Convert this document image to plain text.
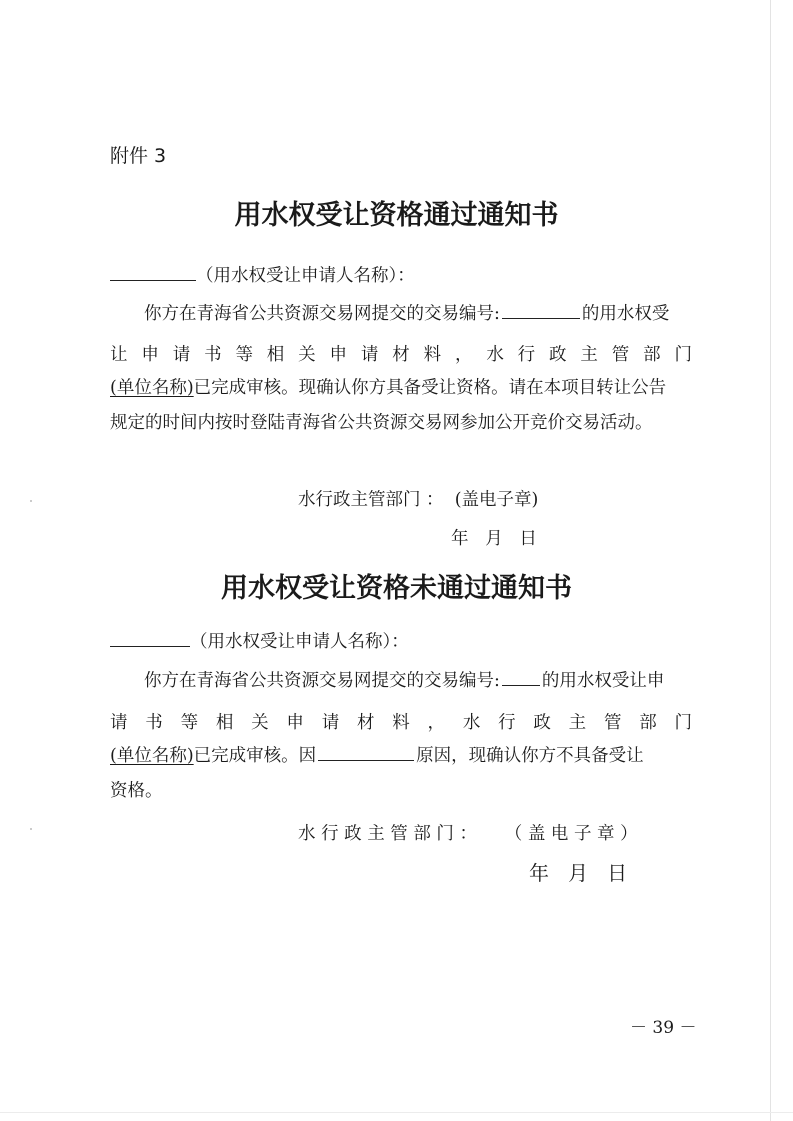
附件 3
用水权受让资格通过通知书
（用水权受让申请人名称）：
你方在青海省公共资源交易网提交的交易编号:	的用水权受
让 申 请 书 等 相 关 申 请 材 料 ， 水 行 政 主 管 部 门
(单位名称)已完成审核。现确认你方具备受让资格。请在本项目转让公告
规定的时间内按时登陆青海省公共资源交易网参加公开竞价交易活动。
水行政主管部门 ：  (盖电子章)
年   月   日
用水权受让资格未通过通知书
（用水权受让申请人名称）：
你方在青海省公共资源交易网提交的交易编号: 的用水权受让申
请 书 等 相 关 申 请 材 料 ， 水 行 政 主 管 部 门
(单位名称)已完成审核。因	原因，现确认你方不具备受让
资格。
水 行 政 主 管 部 门 ：     （ 盖 电 子 章 ）
年   月   日
－ 39 －
